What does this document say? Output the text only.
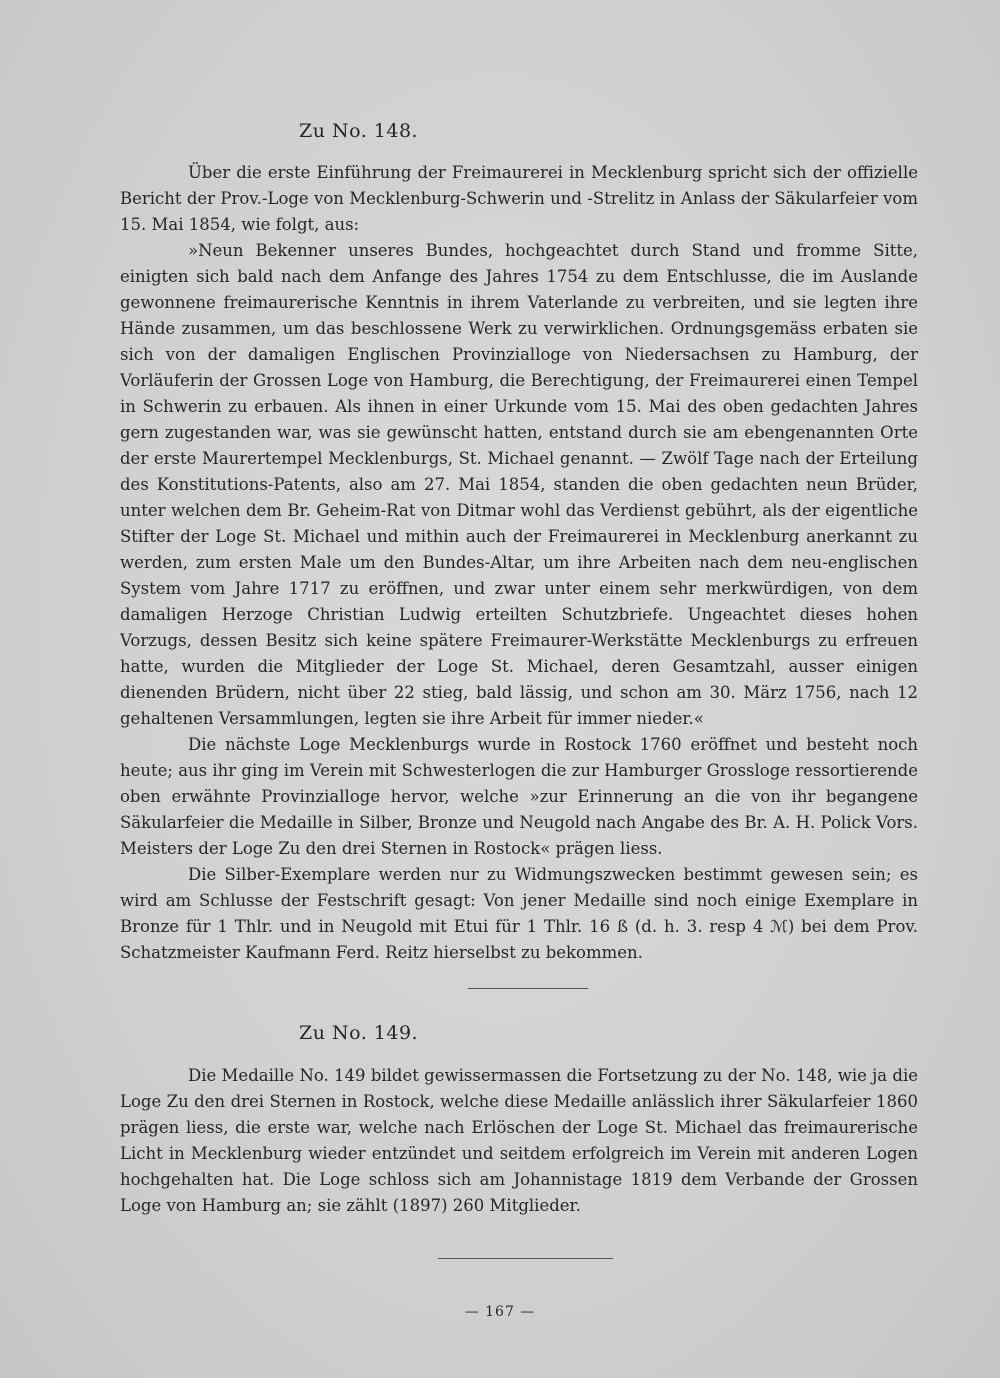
Zu No. 148.

Über die erste Einführung der Freimaurerei in Mecklenburg spricht sich der offizielle Bericht der Prov.-Loge von Mecklenburg-Schwerin und -Strelitz in Anlass der Säkularfeier vom 15. Mai 1854, wie folgt, aus:

»Neun Bekenner unseres Bundes, hochgeachtet durch Stand und fromme Sitte, einigten sich bald nach dem Anfange des Jahres 1754 zu dem Entschlusse, die im Auslande gewonnene freimaurerische Kenntnis in ihrem Vaterlande zu verbreiten, und sie legten ihre Hände zusammen, um das beschlossene Werk zu verwirklichen. Ordnungsgemäss erbaten sie sich von der damaligen Englischen Provinzialloge von Niedersachsen zu Hamburg, der Vorläuferin der Grossen Loge von Hamburg, die Berechtigung, der Freimaurerei einen Tempel in Schwerin zu erbauen. Als ihnen in einer Urkunde vom 15. Mai des oben gedachten Jahres gern zugestanden war, was sie gewünscht hatten, entstand durch sie am ebengenannten Orte der erste Maurertempel Mecklenburgs, St. Michael genannt. — Zwölf Tage nach der Erteilung des Konstitutions-Patents, also am 27. Mai 1854, standen die oben gedachten neun Brüder, unter welchen dem Br. Geheim-Rat von Ditmar wohl das Verdienst gebührt, als der eigentliche Stifter der Loge St. Michael und mithin auch der Freimaurerei in Mecklenburg anerkannt zu werden, zum ersten Male um den Bundes-Altar, um ihre Arbeiten nach dem neu-englischen System vom Jahre 1717 zu eröffnen, und zwar unter einem sehr merkwürdigen, von dem damaligen Herzoge Christian Ludwig erteilten Schutzbriefe. Ungeachtet dieses hohen Vorzugs, dessen Besitz sich keine spätere Freimaurer-Werkstätte Mecklenburgs zu erfreuen hatte, wurden die Mitglieder der Loge St. Michael, deren Gesamtzahl, ausser einigen dienenden Brüdern, nicht über 22 stieg, bald lässig, und schon am 30. März 1756, nach 12 gehaltenen Versammlungen, legten sie ihre Arbeit für immer nieder.«

Die nächste Loge Mecklenburgs wurde in Rostock 1760 eröffnet und besteht noch heute; aus ihr ging im Verein mit Schwesterlogen die zur Hamburger Grossloge ressortierende oben erwähnte Provinzialloge hervor, welche »zur Erinnerung an die von ihr begangene Säkularfeier die Medaille in Silber, Bronze und Neugold nach Angabe des Br. A. H. Polick Vors. Meisters der Loge Zu den drei Sternen in Rostock« prägen liess.

Die Silber-Exemplare werden nur zu Widmungszwecken bestimmt gewesen sein; es wird am Schlusse der Festschrift gesagt: Von jener Medaille sind noch einige Exemplare in Bronze für 1 Thlr. und in Neugold mit Etui für 1 Thlr. 16 ß (d. h. 3. resp 4 ℳ) bei dem Prov. Schatzmeister Kaufmann Ferd. Reitz hierselbst zu bekommen.

Zu No. 149.

Die Medaille No. 149 bildet gewissermassen die Fortsetzung zu der No. 148, wie ja die Loge Zu den drei Sternen in Rostock, welche diese Medaille anlässlich ihrer Säkularfeier 1860 prägen liess, die erste war, welche nach Erlöschen der Loge St. Michael das freimaurerische Licht in Mecklenburg wieder entzündet und seitdem erfolgreich im Verein mit anderen Logen hochgehalten hat. Die Loge schloss sich am Johannistage 1819 dem Verbande der Grossen Loge von Hamburg an; sie zählt (1897) 260 Mitglieder.

— 167 —
